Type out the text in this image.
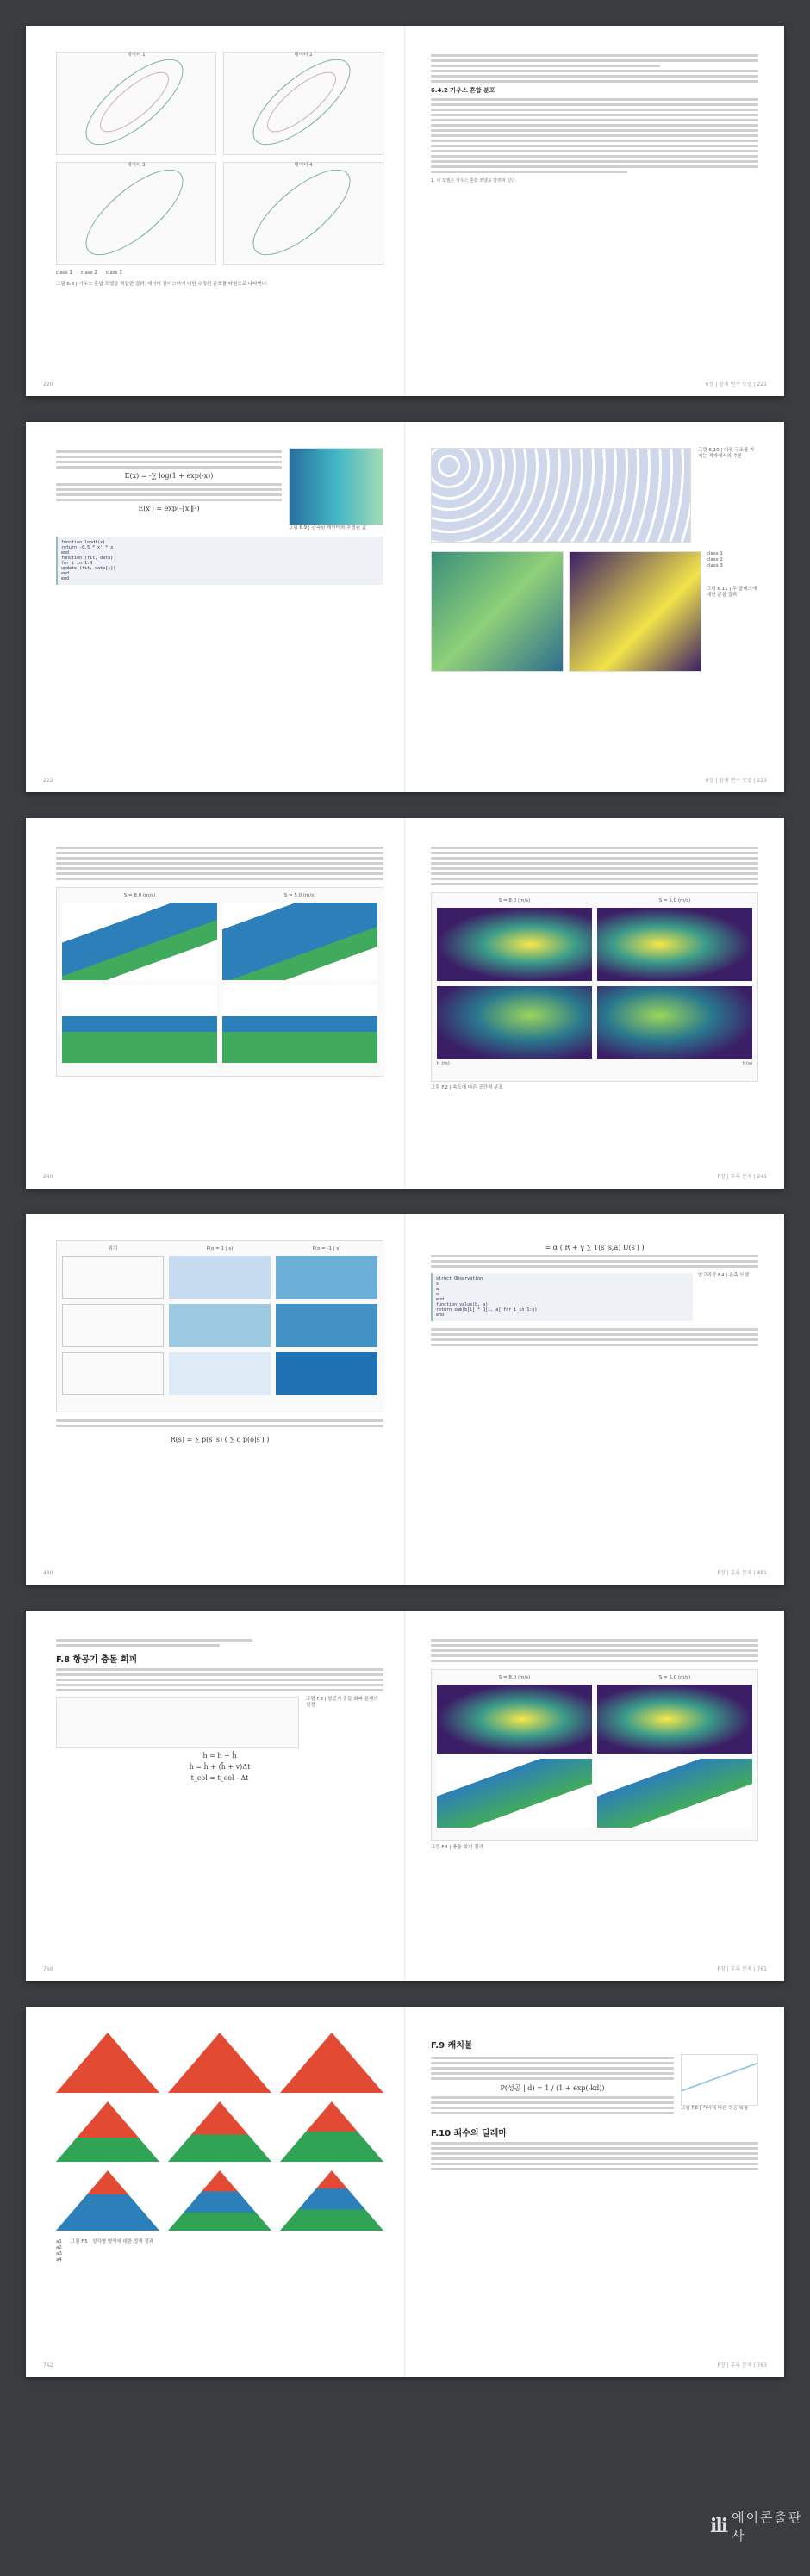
데이터 1	데이터 2
데이터 3	데이터 4
class 1 class 2 class 3
그림 6.8 | 가우스 혼합 모델을 적합한 결과. 데이터 클러스터에 대한 추정된 분포를 타원으로 나타낸다.
6.4.2 가우스 혼합 분포
1. 이 모델은 가우스 혼합 모델로 알려져 있다.
220	6장 | 잠재 변수 모델 | 221
E(x) = -∑ log(1 + exp(-x))
E(x′) = exp(-‖x′‖²)
그림 6.9 | 관측된 데이터와 추정된 값
function lnpdf(x)
return -0.5 * x' * x
end
function (fit, data)
for i in 1:N
update!(fit, data[i])
end
end
그림 6.10 | 이웃 구조를 가지는 격자에서의 추론
class 1
class 2
class 3
그림 6.11 | 두 클래스에 대한 분할 결과
222	6장 | 잠재 변수 모델 | 223
S = 8.0 (m/s)	S = 5.0 (m/s)
S = 8.0 (m/s)	S = 5.0 (m/s)
h (m)	t (s)
그림 F.2 | 속도에 따른 공간적 분포
240	F장 | 부록 문제 | 241
위치	P(o = 1 | s)	P(o = -1 | s)
R(s) = ∑ p(s′|s) ( ∑ o p(o|s′) )
= α ( R + γ ∑ T(s′|s,a) U(s′) )
struct Observation
s
a
o
end
function value(b, a)
return sum(b[i] * Q[i, a] for i in 1:n)
end
알고리즘 F.4 | 관측 모델
480	F장 | 부록 문제 | 481
F.8 항공기 충돌 회피
그림 F.3 | 항공기 충돌 회피 문제의 설정
h = h + ḣ
ḣ = ḣ + (ḧ + v)Δt
t_col = t_col - Δt
S = 8.0 (m/s)	S = 5.0 (m/s)
그림 F.4 | 충돌 회피 결과
760	F장 | 부록 문제 | 761
a1
a2
a3
a4
그림 F.5 | 삼각형 영역에 대한 정책 결과
F.9 캐치볼
P(성공 | d) = 1 / (1 + exp(-kd))
그림 F.6 | 거리에 따른 성공 확률
F.10 죄수의 딜레마
762	F장 | 부록 문제 | 763
ili 에이콘출판사
